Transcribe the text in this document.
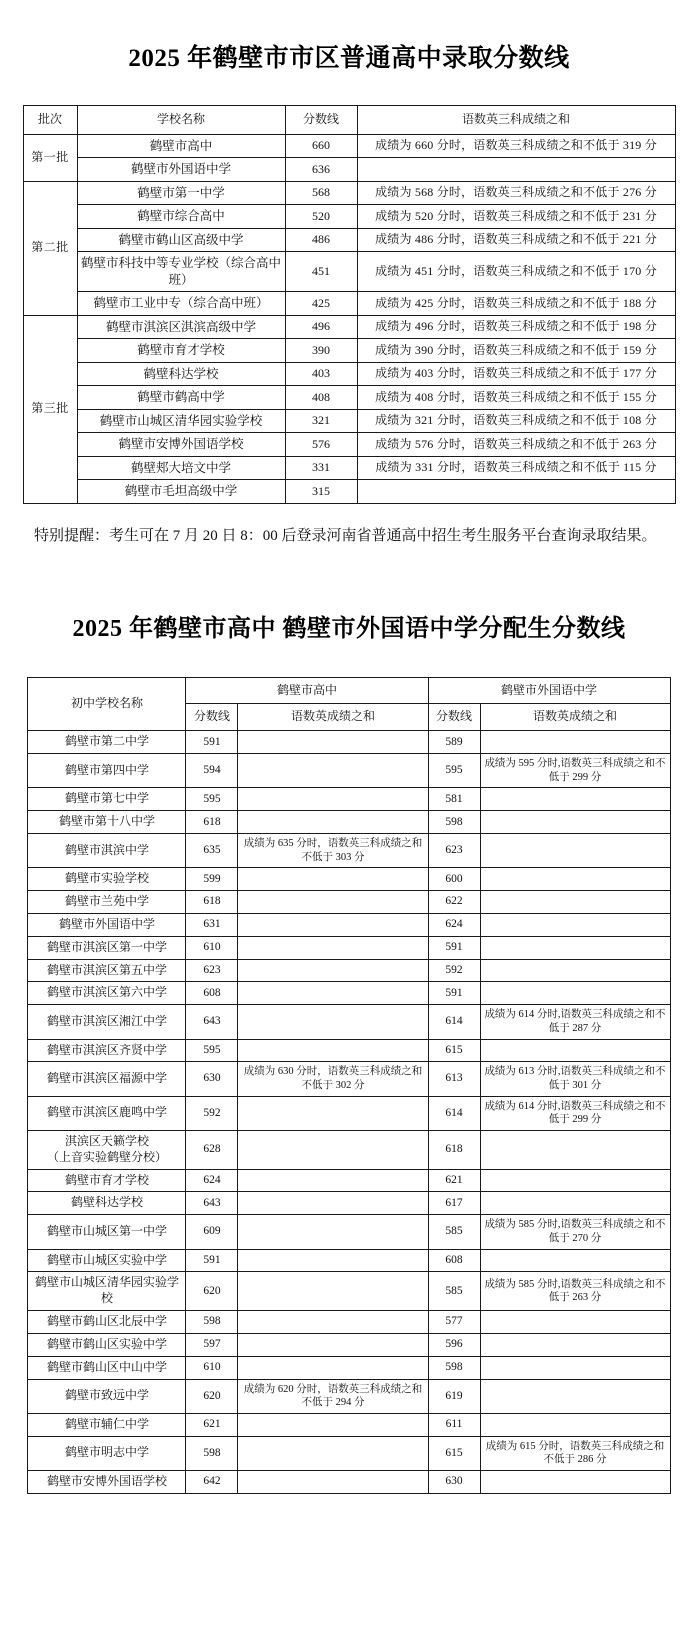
2025 年鹤壁市市区普通高中录取分数线
批次	学校名称	分数线	语数英三科成绩之和
第一批	鹤壁市高中	660	成绩为 660 分时，语数英三科成绩之和不低于 319 分
	鹤壁市外国语中学	636	
第二批	鹤壁市第一中学	568	成绩为 568 分时，语数英三科成绩之和不低于 276 分
	鹤壁市综合高中	520	成绩为 520 分时，语数英三科成绩之和不低于 231 分
	鹤壁市鹤山区高级中学	486	成绩为 486 分时，语数英三科成绩之和不低于 221 分
	鹤壁市科技中等专业学校（综合高中班）	451	成绩为 451 分时，语数英三科成绩之和不低于 170 分
	鹤壁市工业中专（综合高中班）	425	成绩为 425 分时，语数英三科成绩之和不低于 188 分
第三批	鹤壁市淇滨区淇滨高级中学	496	成绩为 496 分时，语数英三科成绩之和不低于 198 分
	鹤壁市育才学校	390	成绩为 390 分时，语数英三科成绩之和不低于 159 分
	鹤壁科达学校	403	成绩为 403 分时，语数英三科成绩之和不低于 177 分
	鹤壁市鹤高中学	408	成绩为 408 分时，语数英三科成绩之和不低于 155 分
	鹤壁市山城区清华园实验学校	321	成绩为 321 分时，语数英三科成绩之和不低于 108 分
	鹤壁市安博外国语学校	576	成绩为 576 分时，语数英三科成绩之和不低于 263 分
	鹤壁郏大培文中学	331	成绩为 331 分时，语数英三科成绩之和不低于 115 分
	鹤壁市毛坦高级中学	315	

特别提醒：考生可在 7 月 20 日 8：00 后登录河南省普通高中招生考生服务平台查询录取结果。

2025 年鹤壁市高中 鹤壁市外国语中学分配生分数线
初中学校名称	鹤壁市高中		鹤壁市外国语中学	
	分数线	语数英成绩之和	分数线	语数英成绩之和
鹤壁市第二中学	591		589	
鹤壁市第四中学	594		595	成绩为 595 分时,语数英三科成绩之和不低于 299 分
鹤壁市第七中学	595		581	
鹤壁市第十八中学	618		598	
鹤壁市淇滨中学	635	成绩为 635 分时，语数英三科成绩之和不低于 303 分	623	
鹤壁市实验学校	599		600	
鹤壁市兰苑中学	618		622	
鹤壁市外国语中学	631		624	
鹤壁市淇滨区第一中学	610		591	
鹤壁市淇滨区第五中学	623		592	
鹤壁市淇滨区第六中学	608		591	
鹤壁市淇滨区湘江中学	643		614	成绩为 614 分时,语数英三科成绩之和不低于 287 分
鹤壁市淇滨区齐贤中学	595		615	
鹤壁市淇滨区福源中学	630	成绩为 630 分时，语数英三科成绩之和不低于 302 分	613	成绩为 613 分时,语数英三科成绩之和不低于 301 分
鹤壁市淇滨区鹿鸣中学	592		614	成绩为 614 分时,语数英三科成绩之和不低于 299 分
淇滨区天籁学校
（上音实验鹤壁分校）	628		618	
鹤壁市育才学校	624		621	
鹤壁科达学校	643		617	
鹤壁市山城区第一中学	609		585	成绩为 585 分时,语数英三科成绩之和不低于 270 分
鹤壁市山城区实验中学	591		608	
鹤壁市山城区清华园实验学校	620		585	成绩为 585 分时,语数英三科成绩之和不低于 263 分
鹤壁市鹤山区北辰中学	598		577	
鹤壁市鹤山区实验中学	597		596	
鹤壁市鹤山区中山中学	610		598	
鹤壁市致远中学	620	成绩为 620 分时，语数英三科成绩之和不低于 294 分	619	
鹤壁市辅仁中学	621		611	
鹤壁市明志中学	598		615	成绩为 615 分时，语数英三科成绩之和不低于 286 分
鹤壁市安博外国语学校	642		630	
